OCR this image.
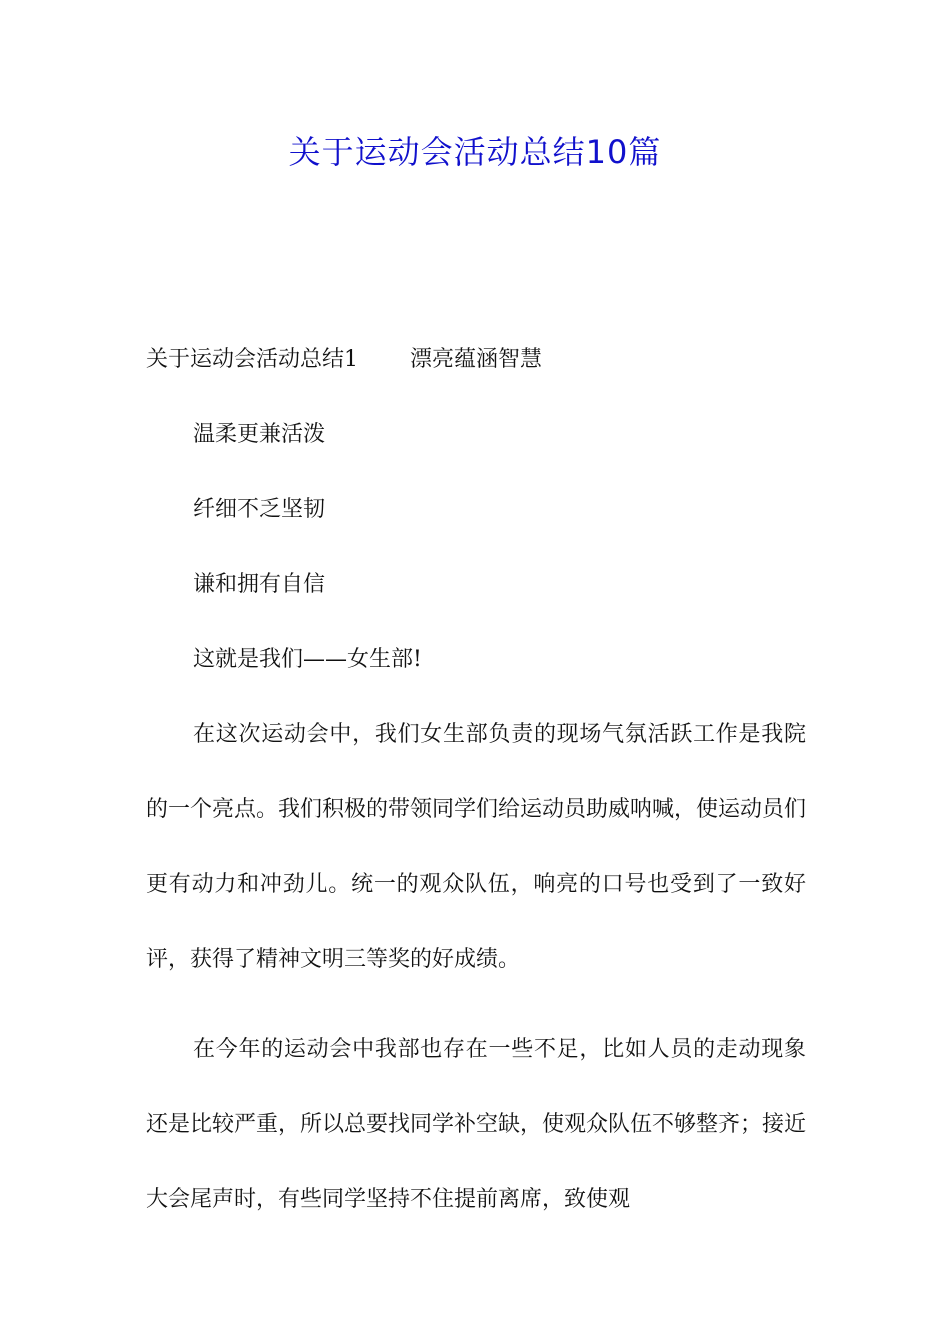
关于运动会活动总结10篇
关于运动会活动总结1 漂亮蕴涵智慧
温柔更兼活泼
纤细不乏坚韧
谦和拥有自信
这就是我们——女生部!

在这次运动会中，我们女生部负责的现场气氛活跃工作是我院的一个亮点。我们积极的带领同学们给运动员助威呐喊，使运动员们更有动力和冲劲儿。统一的观众队伍，响亮的口号也受到了一致好评，获得了精神文明三等奖的好成绩。

在今年的运动会中我部也存在一些不足，比如人员的走动现象还是比较严重，所以总要找同学补空缺，使观众队伍不够整齐；接近大会尾声时，有些同学坚持不住提前离席，致使观
